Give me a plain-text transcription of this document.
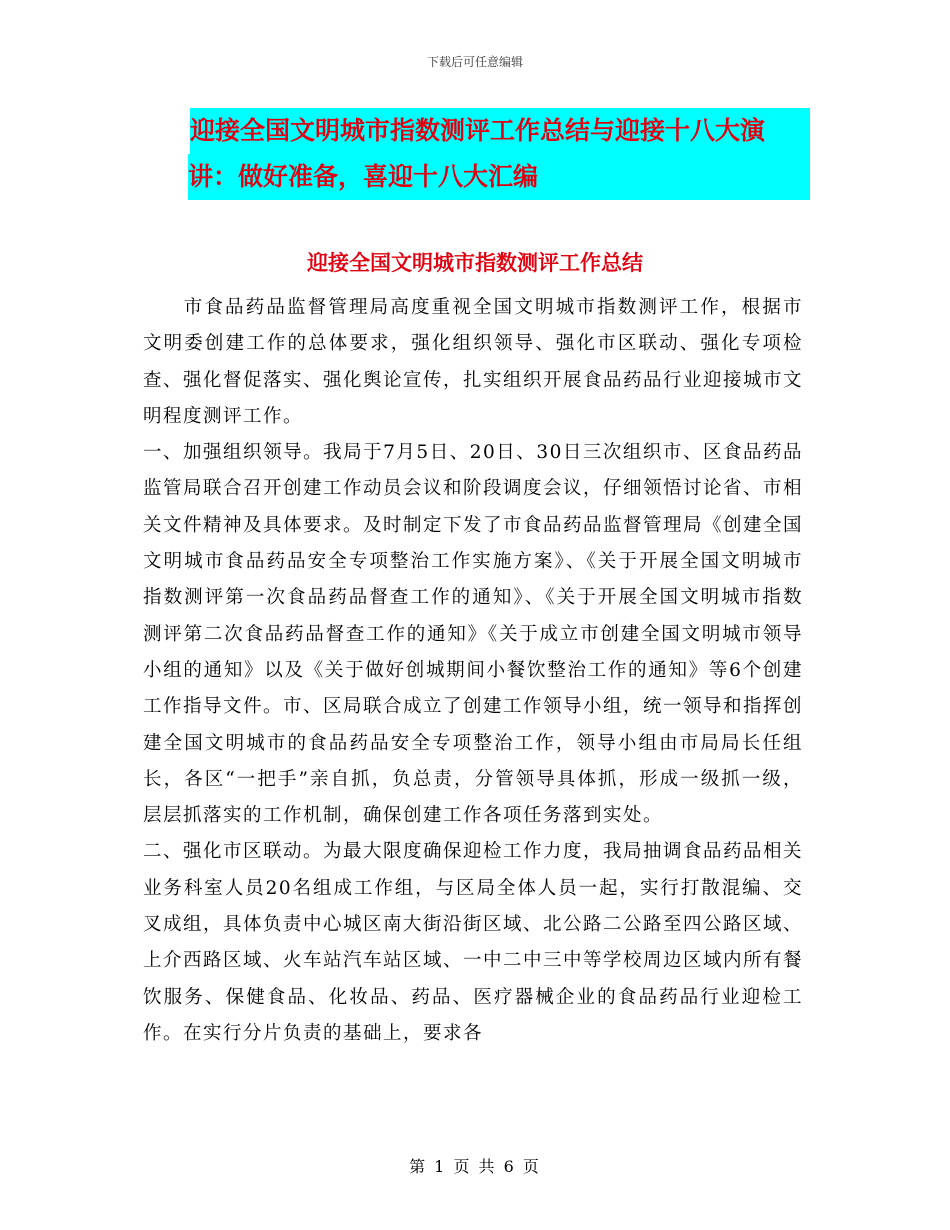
下载后可任意编辑
迎接全国文明城市指数测评工作总结与迎接十八大演
讲：做好准备，喜迎十八大汇编
迎接全国文明城市指数测评工作总结

市食品药品监督管理局高度重视全国文明城市指数测评工作，根据市文明委创建工作的总体要求，强化组织领导、强化市区联动、强化专项检查、强化督促落实、强化舆论宣传，扎实组织开展食品药品行业迎接城市文明程度测评工作。

一、加强组织领导。我局于7月5日、20日、30日三次组织市、区食品药品监管局联合召开创建工作动员会议和阶段调度会议，仔细领悟讨论省、市相关文件精神及具体要求。及时制定下发了市食品药品监督管理局《创建全国文明城市食品药品安全专项整治工作实施方案》、《关于开展全国文明城市指数测评第一次食品药品督查工作的通知》、《关于开展全国文明城市指数测评第二次食品药品督查工作的通知》《关于成立市创建全国文明城市领导小组的通知》以及《关于做好创城期间小餐饮整治工作的通知》等6个创建工作指导文件。市、区局联合成立了创建工作领导小组，统一领导和指挥创建全国文明城市的食品药品安全专项整治工作，领导小组由市局局长任组长，各区“一把手”亲自抓，负总责，分管领导具体抓，形成一级抓一级，层层抓落实的工作机制，确保创建工作各项任务落到实处。

二、强化市区联动。为最大限度确保迎检工作力度，我局抽调食品药品相关业务科室人员20名组成工作组，与区局全体人员一起，实行打散混编、交叉成组，具体负责中心城区南大街沿街区域、北公路二公路至四公路区域、上介西路区域、火车站汽车站区域、一中二中三中等学校周边区域内所有餐饮服务、保健食品、化妆品、药品、医疗器械企业的食品药品行业迎检工作。在实行分片负责的基础上，要求各

第 1 页 共 6 页
